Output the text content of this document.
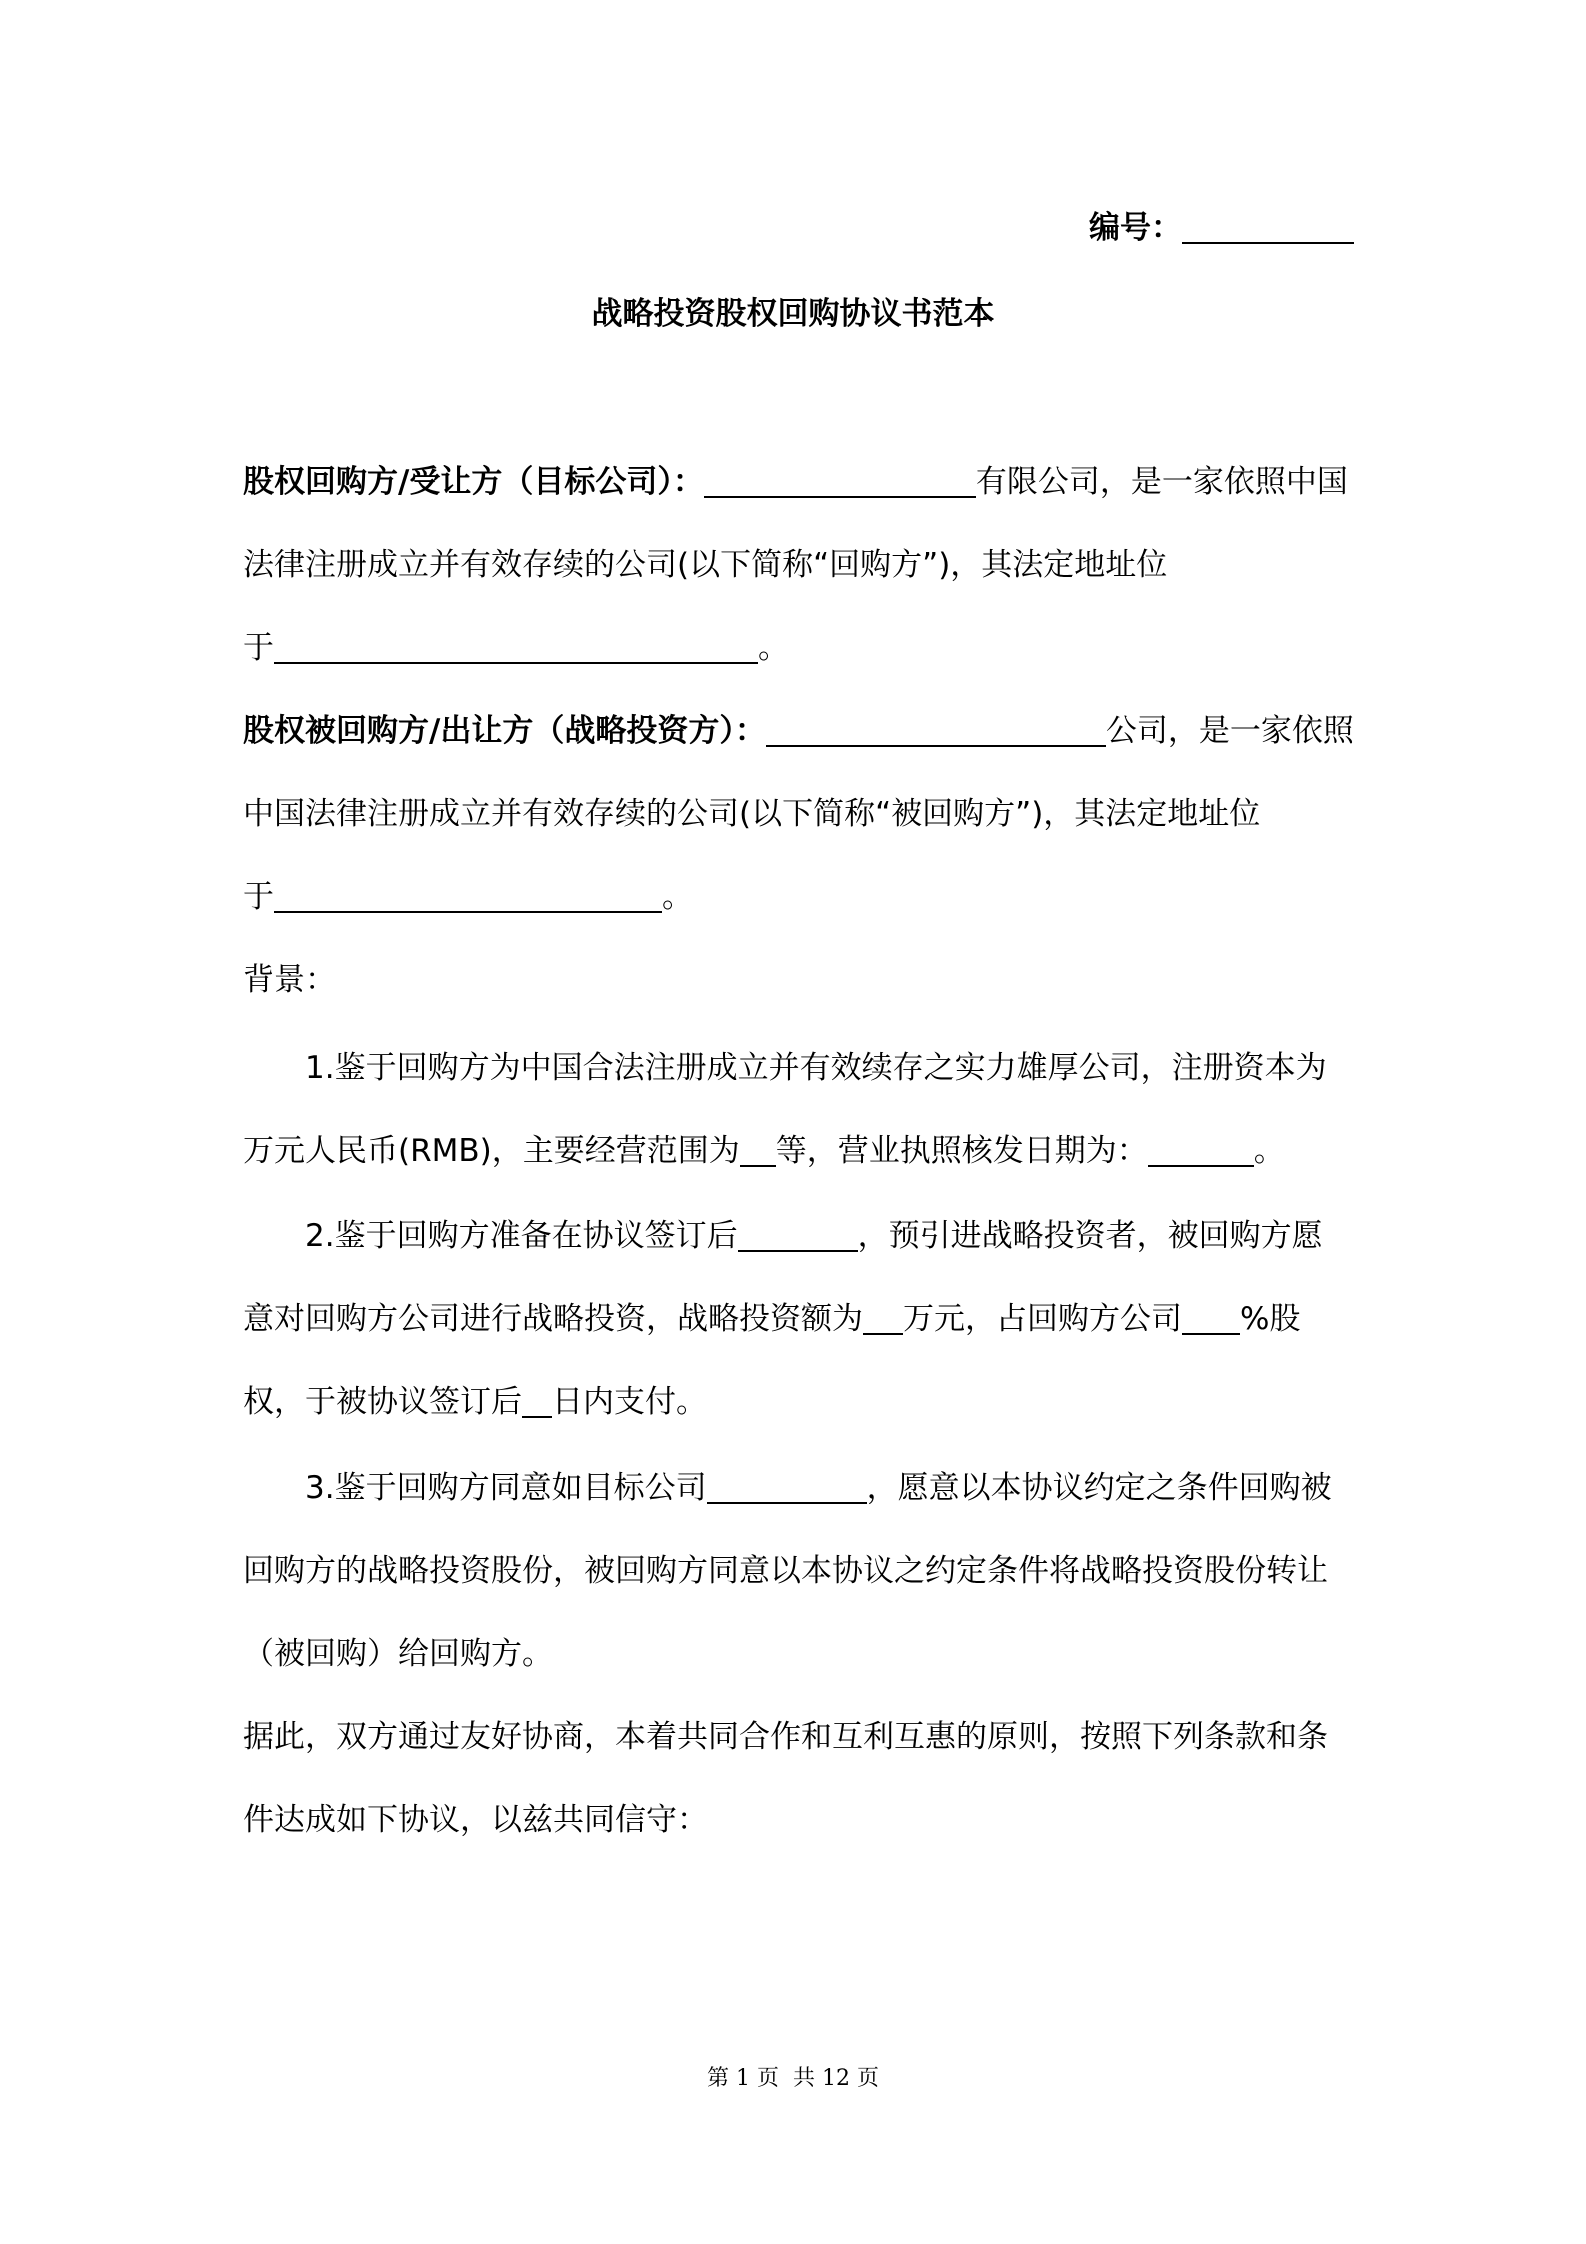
编号：
战略投资股权回购协议书范本
股权回购方/受让方（目标公司）：	有限公司，是一家依照中国
法律注册成立并有效存续的公司(以下简称“回购方”)，其法定地址位
于	。
股权被回购方/出让方（战略投资方）：	公司，是一家依照
中国法律注册成立并有效存续的公司(以下简称“被回购方”)，其法定地址位
于	。
背景：
1.鉴于回购方为中国合法注册成立并有效续存之实力雄厚公司，注册资本为
万元人民币(RMB)，主要经营范围为 等，营业执照核发日期为：	。
2.鉴于回购方准备在协议签订后	，预引进战略投资者，被回购方愿
意对回购方公司进行战略投资，战略投资额为 万元，占回购方公司 %股
权，于被协议签订后 日内支付。
3.鉴于回购方同意如目标公司	，愿意以本协议约定之条件回购被
回购方的战略投资股份，被回购方同意以本协议之约定条件将战略投资股份转让
（被回购）给回购方。
据此，双方通过友好协商，本着共同合作和互利互惠的原则，按照下列条款和条
件达成如下协议，以兹共同信守：
第 1 页 共 12 页
